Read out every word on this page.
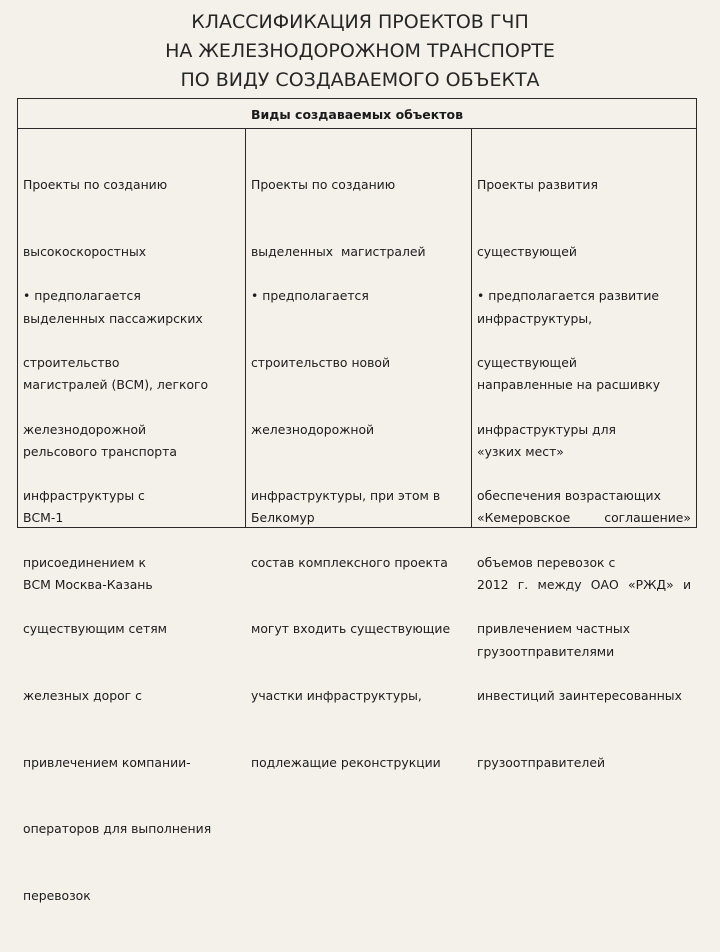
КЛАССИФИКАЦИЯ ПРОЕКТОВ ГЧП
НА ЖЕЛЕЗНОДОРОЖНОМ ТРАНСПОРТЕ
ПО ВИДУ СОЗДАВАЕМОГО ОБЪЕКТА
Виды создаваемых объектов

Проекты по созданию

высокоскоростных

выделенных пассажирских

магистралей (ВСМ), легкого

рельсового транспорта

• предполагается

строительство

железнодорожной

инфраструктуры с

присоединением к

существующим сетям

железных дорог с

привлечением компании-

операторов для выполнения

перевозок

ВСМ-1

ВСМ Москва-Казань

Проекты по созданию

выделенных  магистралей

• предполагается

строительство новой

железнодорожной

инфраструктуры, при этом в

состав комплексного проекта

могут входить существующие

участки инфраструктуры,

подлежащие реконструкции

Белкомур

Проекты развития

существующей

инфраструктуры,

направленные на расшивку

«узких мест»

• предполагается развитие

существующей

инфраструктуры для

обеспечения возрастающих

объемов перевозок с

привлечением частных

инвестиций заинтересованных

грузоотправителей

«Кемеровское соглашение»

2012 г. между ОАО «РЖД» и

грузоотправителями
